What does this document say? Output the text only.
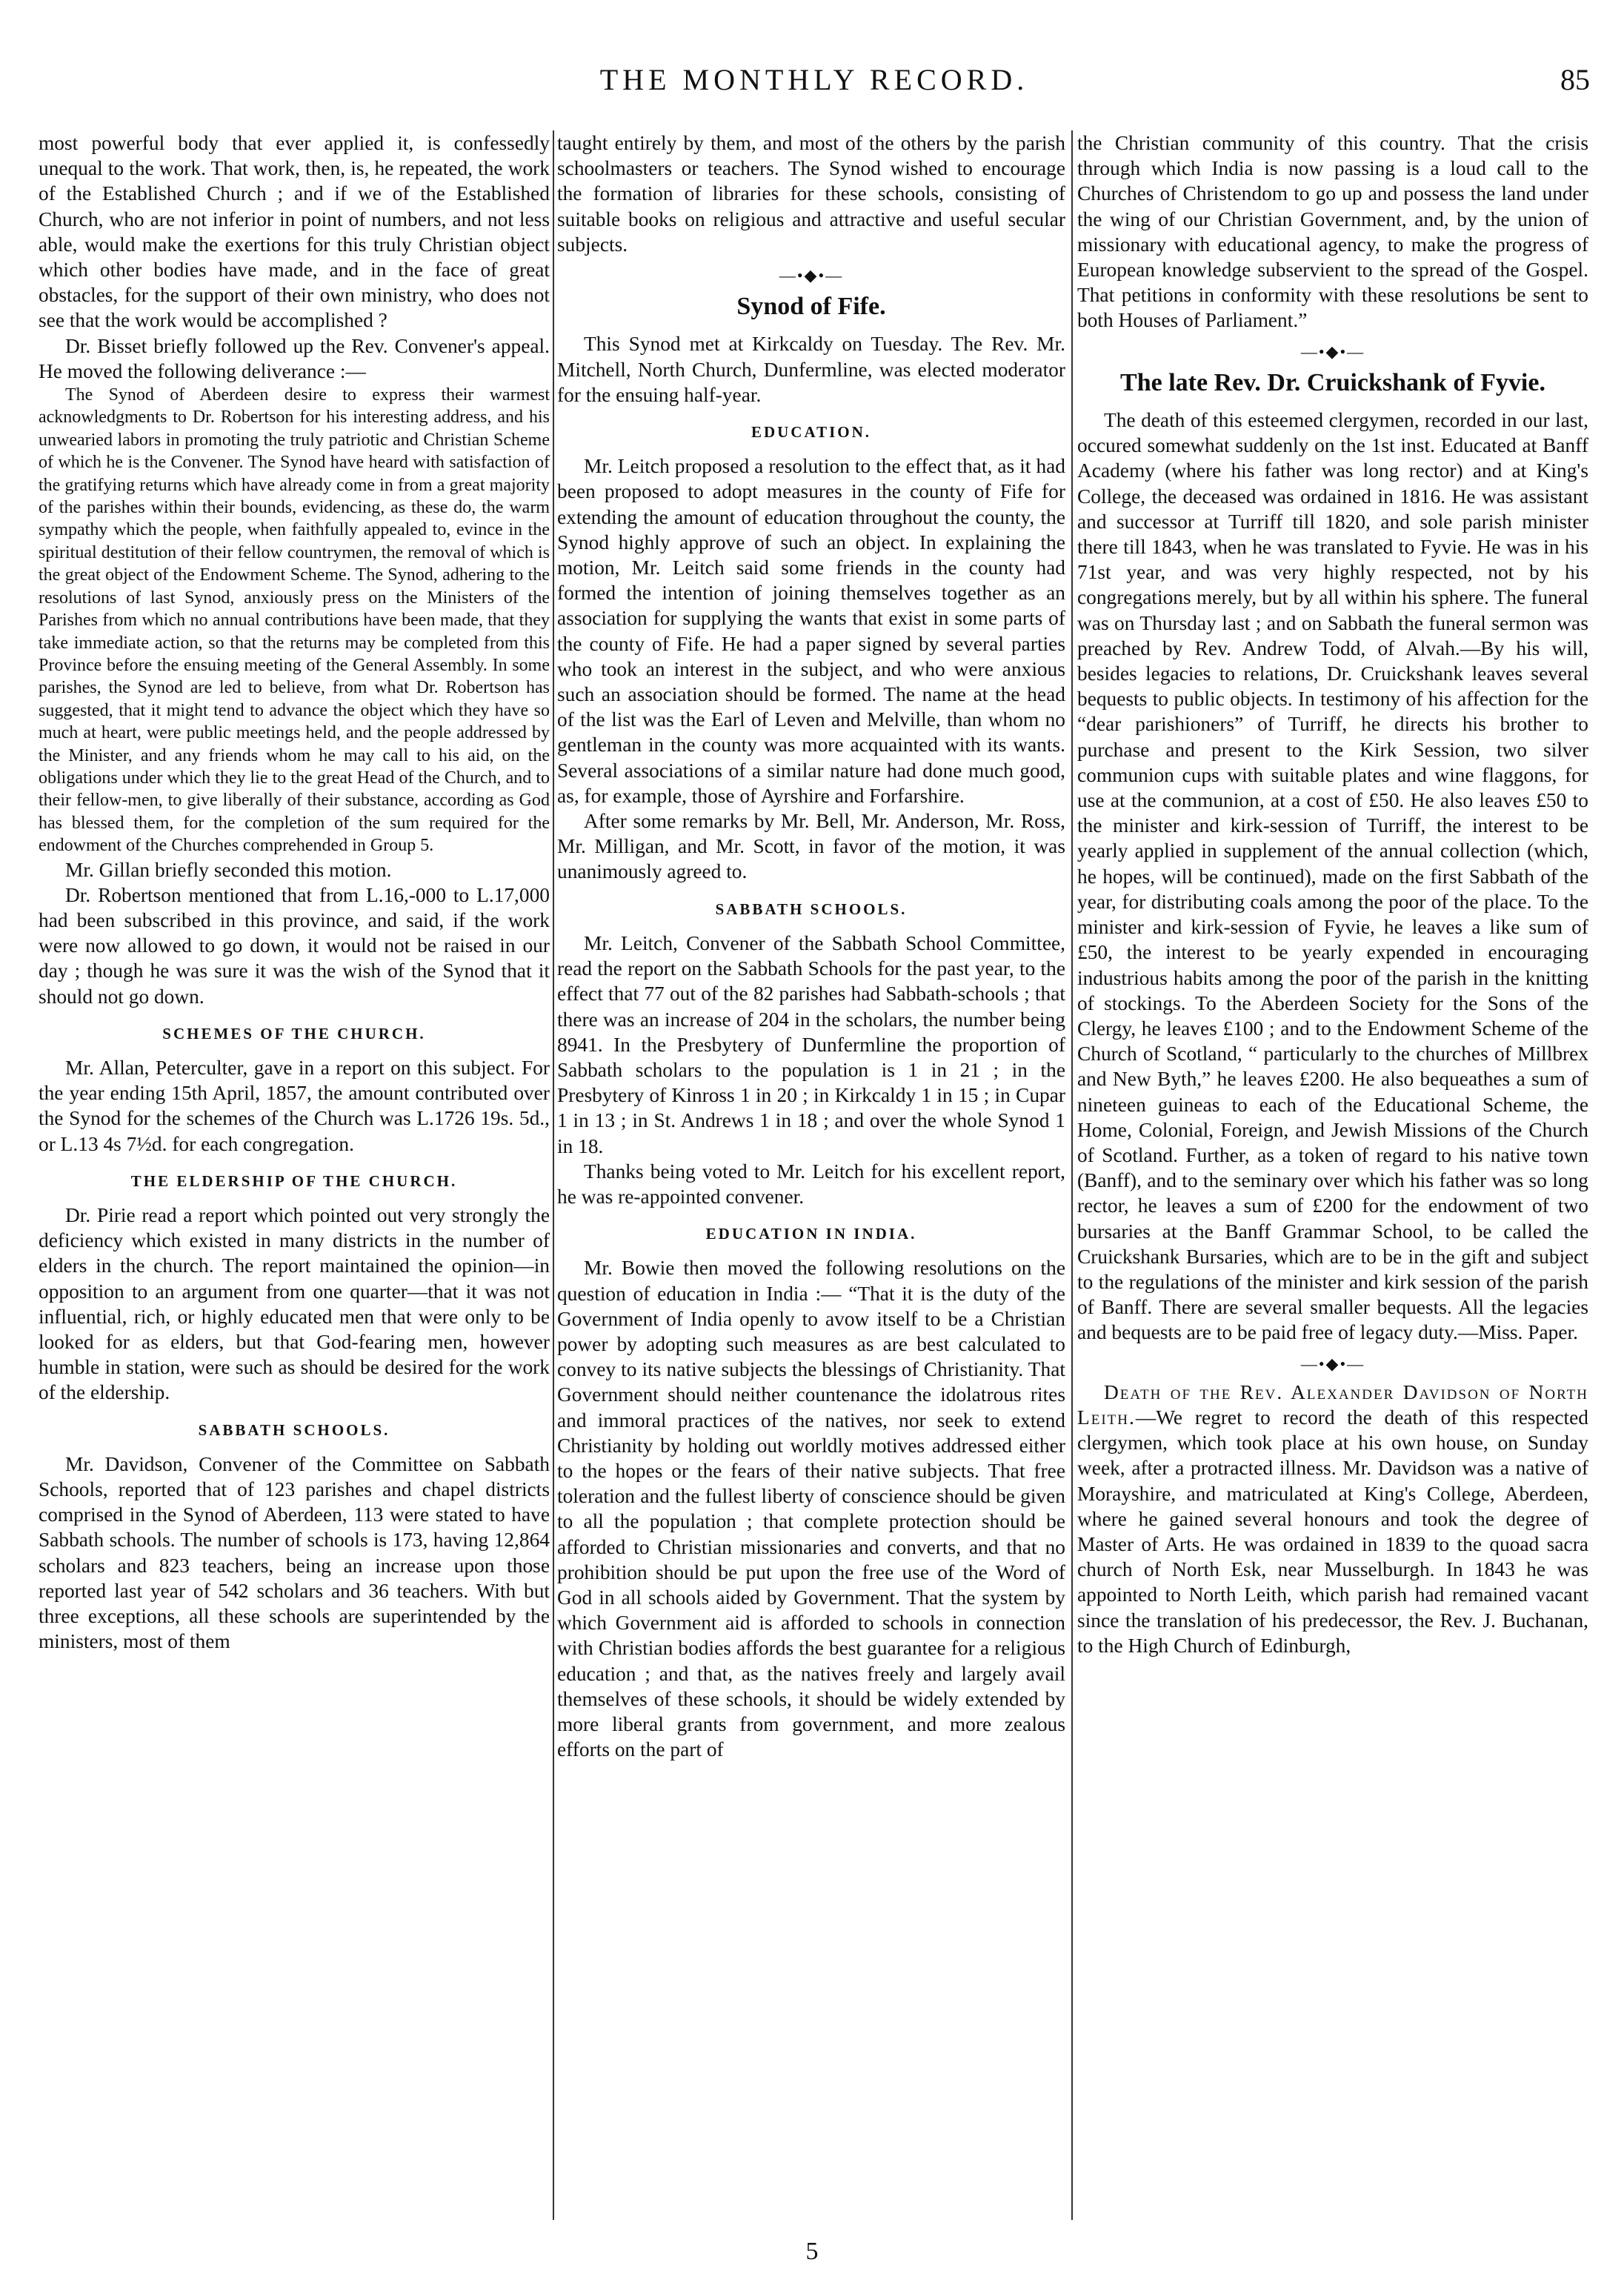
THE MONTHLY RECORD.	85

most powerful body that ever applied it, is confessedly unequal to the work. That work, then, is, he repeated, the work of the Established Church ; and if we of the Established Church, who are not inferior in point of numbers, and not less able, would make the exertions for this truly Christian object which other bodies have made, and in the face of great obstacles, for the support of their own ministry, who does not see that the work would be accomplished ?

Dr. Bisset briefly followed up the Rev. Convener's appeal. He moved the following deliverance :—

The Synod of Aberdeen desire to express their warmest acknowledgments to Dr. Robertson for his interesting address, and his unwearied labors in promoting the truly patriotic and Christian Scheme of which he is the Convener. The Synod have heard with satisfaction of the gratifying returns which have already come in from a great majority of the parishes within their bounds, evidencing, as these do, the warm sympathy which the people, when faithfully appealed to, evince in the spiritual destitution of their fellow countrymen, the removal of which is the great object of the Endowment Scheme. The Synod, adhering to the resolutions of last Synod, anxiously press on the Ministers of the Parishes from which no annual contributions have been made, that they take immediate action, so that the returns may be completed from this Province before the ensuing meeting of the General Assembly. In some parishes, the Synod are led to believe, from what Dr. Robertson has suggested, that it might tend to advance the object which they have so much at heart, were public meetings held, and the people addressed by the Minister, and any friends whom he may call to his aid, on the obligations under which they lie to the great Head of the Church, and to their fellow-men, to give liberally of their substance, according as God has blessed them, for the completion of the sum required for the endowment of the Churches comprehended in Group 5.

Mr. Gillan briefly seconded this motion.

Dr. Robertson mentioned that from L.16,-000 to L.17,000 had been subscribed in this province, and said, if the work were now allowed to go down, it would not be raised in our day ; though he was sure it was the wish of the Synod that it should not go down.

SCHEMES OF THE CHURCH.

Mr. Allan, Peterculter, gave in a report on this subject. For the year ending 15th April, 1857, the amount contributed over the Synod for the schemes of the Church was L.1726 19s. 5d., or L.13 4s 7½d. for each congregation.

THE ELDERSHIP OF THE CHURCH.

Dr. Pirie read a report which pointed out very strongly the deficiency which existed in many districts in the number of elders in the church. The report maintained the opinion—in opposition to an argument from one quarter—that it was not influential, rich, or highly educated men that were only to be looked for as elders, but that God-fearing men, however humble in station, were such as should be desired for the work of the eldership.

SABBATH SCHOOLS.

Mr. Davidson, Convener of the Committee on Sabbath Schools, reported that of 123 parishes and chapel districts comprised in the Synod of Aberdeen, 113 were stated to have Sabbath schools. The number of schools is 173, having 12,864 scholars and 823 teachers, being an increase upon those reported last year of 542 scholars and 36 teachers. With but three exceptions, all these schools are superintended by the ministers, most of them

taught entirely by them, and most of the others by the parish schoolmasters or teachers. The Synod wished to encourage the formation of libraries for these schools, consisting of suitable books on religious and attractive and useful secular subjects.

—•◆•—
Synod of Fife.

This Synod met at Kirkcaldy on Tuesday. The Rev. Mr. Mitchell, North Church, Dunfermline, was elected moderator for the ensuing half-year.

EDUCATION.

Mr. Leitch proposed a resolution to the effect that, as it had been proposed to adopt measures in the county of Fife for extending the amount of education throughout the county, the Synod highly approve of such an object. In explaining the motion, Mr. Leitch said some friends in the county had formed the intention of joining themselves together as an association for supplying the wants that exist in some parts of the county of Fife. He had a paper signed by several parties who took an interest in the subject, and who were anxious such an association should be formed. The name at the head of the list was the Earl of Leven and Melville, than whom no gentleman in the county was more acquainted with its wants. Several associations of a similar nature had done much good, as, for example, those of Ayrshire and Forfarshire.

After some remarks by Mr. Bell, Mr. Anderson, Mr. Ross, Mr. Milligan, and Mr. Scott, in favor of the motion, it was unanimously agreed to.

SABBATH SCHOOLS.

Mr. Leitch, Convener of the Sabbath School Committee, read the report on the Sabbath Schools for the past year, to the effect that 77 out of the 82 parishes had Sabbath-schools ; that there was an increase of 204 in the scholars, the number being 8941. In the Presbytery of Dunfermline the proportion of Sabbath scholars to the population is 1 in 21 ; in the Presbytery of Kinross 1 in 20 ; in Kirkcaldy 1 in 15 ; in Cupar 1 in 13 ; in St. Andrews 1 in 18 ; and over the whole Synod 1 in 18.

Thanks being voted to Mr. Leitch for his excellent report, he was re-appointed convener.

EDUCATION IN INDIA.

Mr. Bowie then moved the following resolutions on the question of education in India :— “That it is the duty of the Government of India openly to avow itself to be a Christian power by adopting such measures as are best calculated to convey to its native subjects the blessings of Christianity. That Government should neither countenance the idolatrous rites and immoral practices of the natives, nor seek to extend Christianity by holding out worldly motives addressed either to the hopes or the fears of their native subjects. That free toleration and the fullest liberty of conscience should be given to all the population ; that complete protection should be afforded to Christian missionaries and converts, and that no prohibition should be put upon the free use of the Word of God in all schools aided by Government. That the system by which Government aid is afforded to schools in connection with Christian bodies affords the best guarantee for a religious education ; and that, as the natives freely and largely avail themselves of these schools, it should be widely extended by more liberal grants from government, and more zealous efforts on the part of

the Christian community of this country. That the crisis through which India is now passing is a loud call to the Churches of Christendom to go up and possess the land under the wing of our Christian Government, and, by the union of missionary with educational agency, to make the progress of European knowledge subservient to the spread of the Gospel. That petitions in conformity with these resolutions be sent to both Houses of Parliament.”

—•◆•—
The late Rev. Dr. Cruickshank of Fyvie.

The death of this esteemed clergymen, recorded in our last, occured somewhat suddenly on the 1st inst. Educated at Banff Academy (where his father was long rector) and at King's College, the deceased was ordained in 1816. He was assistant and successor at Turriff till 1820, and sole parish minister there till 1843, when he was translated to Fyvie. He was in his 71st year, and was very highly respected, not by his congregations merely, but by all within his sphere. The funeral was on Thursday last ; and on Sabbath the funeral sermon was preached by Rev. Andrew Todd, of Alvah.—By his will, besides legacies to relations, Dr. Cruickshank leaves several bequests to public objects. In testimony of his affection for the “dear parishioners” of Turriff, he directs his brother to purchase and present to the Kirk Session, two silver communion cups with suitable plates and wine flaggons, for use at the communion, at a cost of £50. He also leaves £50 to the minister and kirk-session of Turriff, the interest to be yearly applied in supplement of the annual collection (which, he hopes, will be continued), made on the first Sabbath of the year, for distributing coals among the poor of the place. To the minister and kirk-session of Fyvie, he leaves a like sum of £50, the interest to be yearly expended in encouraging industrious habits among the poor of the parish in the knitting of stockings. To the Aberdeen Society for the Sons of the Clergy, he leaves £100 ; and to the Endowment Scheme of the Church of Scotland, “ particularly to the churches of Millbrex and New Byth,” he leaves £200. He also bequeathes a sum of nineteen guineas to each of the Educational Scheme, the Home, Colonial, Foreign, and Jewish Missions of the Church of Scotland. Further, as a token of regard to his native town (Banff), and to the seminary over which his father was so long rector, he leaves a sum of £200 for the endowment of two bursaries at the Banff Grammar School, to be called the Cruickshank Bursaries, which are to be in the gift and subject to the regulations of the minister and kirk session of the parish of Banff. There are several smaller bequests. All the legacies and bequests are to be paid free of legacy duty.—Miss. Paper.

—•◆•—

Death of the Rev. Alexander Davidson of North Leith.—We regret to record the death of this respected clergymen, which took place at his own house, on Sunday week, after a protracted illness. Mr. Davidson was a native of Morayshire, and matriculated at King's College, Aberdeen, where he gained several honours and took the degree of Master of Arts. He was ordained in 1839 to the quoad sacra church of North Esk, near Musselburgh. In 1843 he was appointed to North Leith, which parish had remained vacant since the translation of his predecessor, the Rev. J. Buchanan, to the High Church of Edinburgh,

5
